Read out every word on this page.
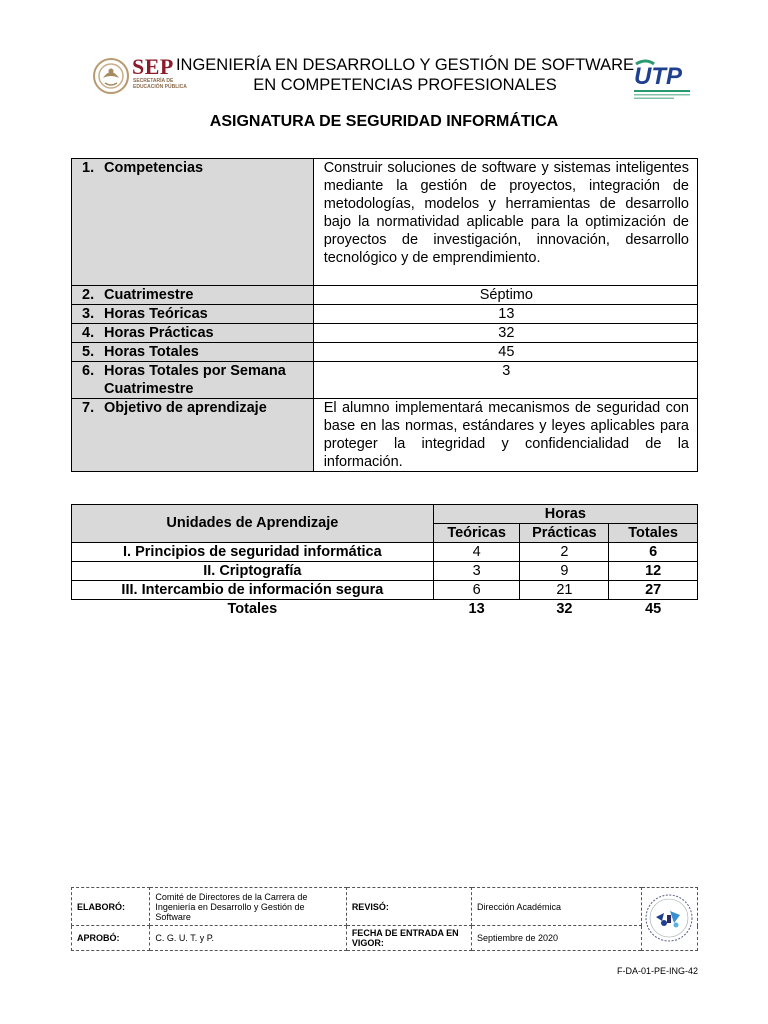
SEP
SECRETARÍA DE EDUCACIÓN PÚBLICA
INGENIERÍA EN DESARROLLO Y GESTIÓN DE SOFTWARE
EN COMPETENCIAS PROFESIONALES	UTP
ASIGNATURA DE SEGURIDAD INFORMÁTICA
1. Competencias	Construir soluciones de software y sistemas inteligentes mediante la gestión de proyectos, integración de metodologías, modelos y herramientas de desarrollo bajo la normatividad aplicable para la optimización de proyectos de investigación, innovación, desarrollo tecnológico y de emprendimiento.
2. Cuatrimestre	Séptimo
3. Horas Teóricas	13
4. Horas Prácticas	32
5. Horas Totales	45

6. Horas Totales por Semana Cuatrimestre	3
7. Objetivo de aprendizaje	El alumno implementará mecanismos de seguridad con base en las normas, estándares y leyes aplicables para proteger la integridad y confidencialidad de la información.
Unidades de Aprendizaje	Horas		
	Teóricas	Prácticas	Totales
I. Principios de seguridad informática	4	2	6
II. Criptografía	3	9	12
III. Intercambio de información segura	6	21	27
Totales	13	32	45
ELABORÓ:	Comité de Directores de la Carrera de Ingeniería en Desarrollo y Gestión de Software	REVISÓ:	Dirección Académica	
APROBÓ:	C. G. U. T. y P.	FECHA DE ENTRADA EN VIGOR:	Septiembre de 2020	
F-DA-01-PE-ING-42
